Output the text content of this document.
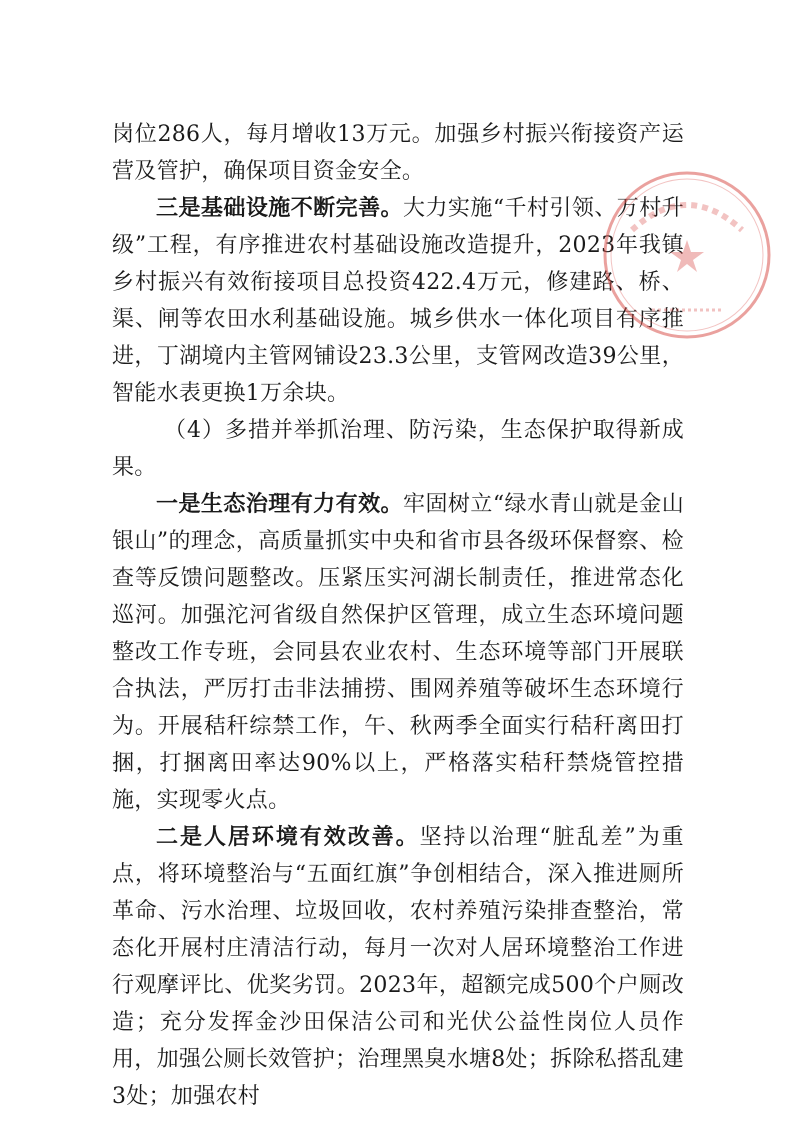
岗位286人，每月增收13万元。加强乡村振兴衔接资产运营及管护，确保项目资金安全。

三是基础设施不断完善。大力实施“千村引领、万村升级”工程，有序推进农村基础设施改造提升，2023年我镇乡村振兴有效衔接项目总投资422.4万元，修建路、桥、渠、闸等农田水利基础设施。城乡供水一体化项目有序推进，丁湖境内主管网铺设23.3公里，支管网改造39公里，智能水表更换1万余块。

（4）多措并举抓治理、防污染，生态保护取得新成果。

一是生态治理有力有效。牢固树立“绿水青山就是金山银山”的理念，高质量抓实中央和省市县各级环保督察、检查等反馈问题整改。压紧压实河湖长制责任，推进常态化巡河。加强沱河省级自然保护区管理，成立生态环境问题整改工作专班，会同县农业农村、生态环境等部门开展联合执法，严厉打击非法捕捞、围网养殖等破坏生态环境行为。开展秸秆综禁工作，午、秋两季全面实行秸秆离田打捆，打捆离田率达90%以上，严格落实秸秆禁烧管控措施，实现零火点。

二是人居环境有效改善。坚持以治理“脏乱差”为重点，将环境整治与“五面红旗”争创相结合，深入推进厕所革命、污水治理、垃圾回收，农村养殖污染排查整治，常态化开展村庄清洁行动，每月一次对人居环境整治工作进行观摩评比、优奖劣罚。2023年，超额完成500个户厕改造；充分发挥金沙田保洁公司和光伏公益性岗位人员作用，加强公厕长效管护；治理黑臭水塘8处；拆除私搭乱建3处；加强农村
